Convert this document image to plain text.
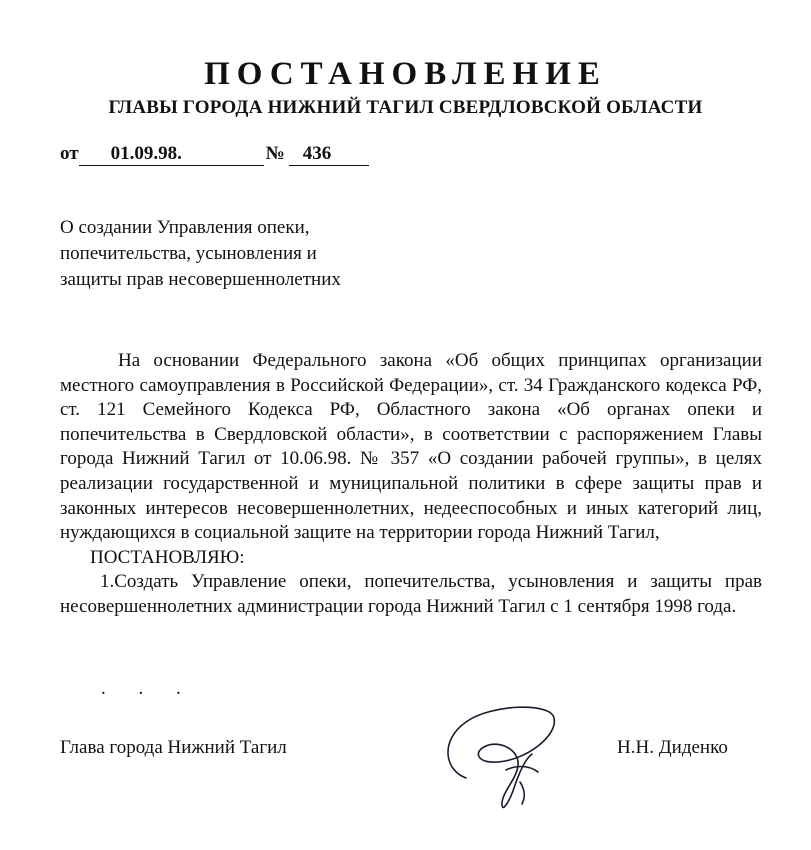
ПОСТАНОВЛЕНИЕ
ГЛАВЫ ГОРОДА НИЖНИЙ ТАГИЛ СВЕРДЛОВСКОЙ ОБЛАСТИ
от 01.09.98.	№ 436
О создании Управления опеки,
попечительства, усыновления и
защиты прав несовершеннолетних

На основании Федерального закона «Об общих принципах организации местного самоуправления в Российской Федерации», ст. 34 Гражданского кодекса РФ, ст. 121 Семейного Кодекса РФ, Областного закона «Об органах опеки и попечительства в Свердловской области», в соответствии с распоряжением Главы города Нижний Тагил от 10.06.98. № 357 «О создании рабочей группы», в целях реализации государственной и муниципальной политики в сфере защиты прав и законных интересов несовершеннолетних, недееспособных и иных категорий лиц, нуждающихся в социальной защите на территории города Нижний Тагил,

ПОСТАНОВЛЯЮ:

1.Создать Управление опеки, попечительства, усыновления и защиты прав несовершеннолетних администрации города Нижний Тагил с 1 сентября 1998 года.

. . .
Глава города Нижний Тагил	Н.Н. Диденко
